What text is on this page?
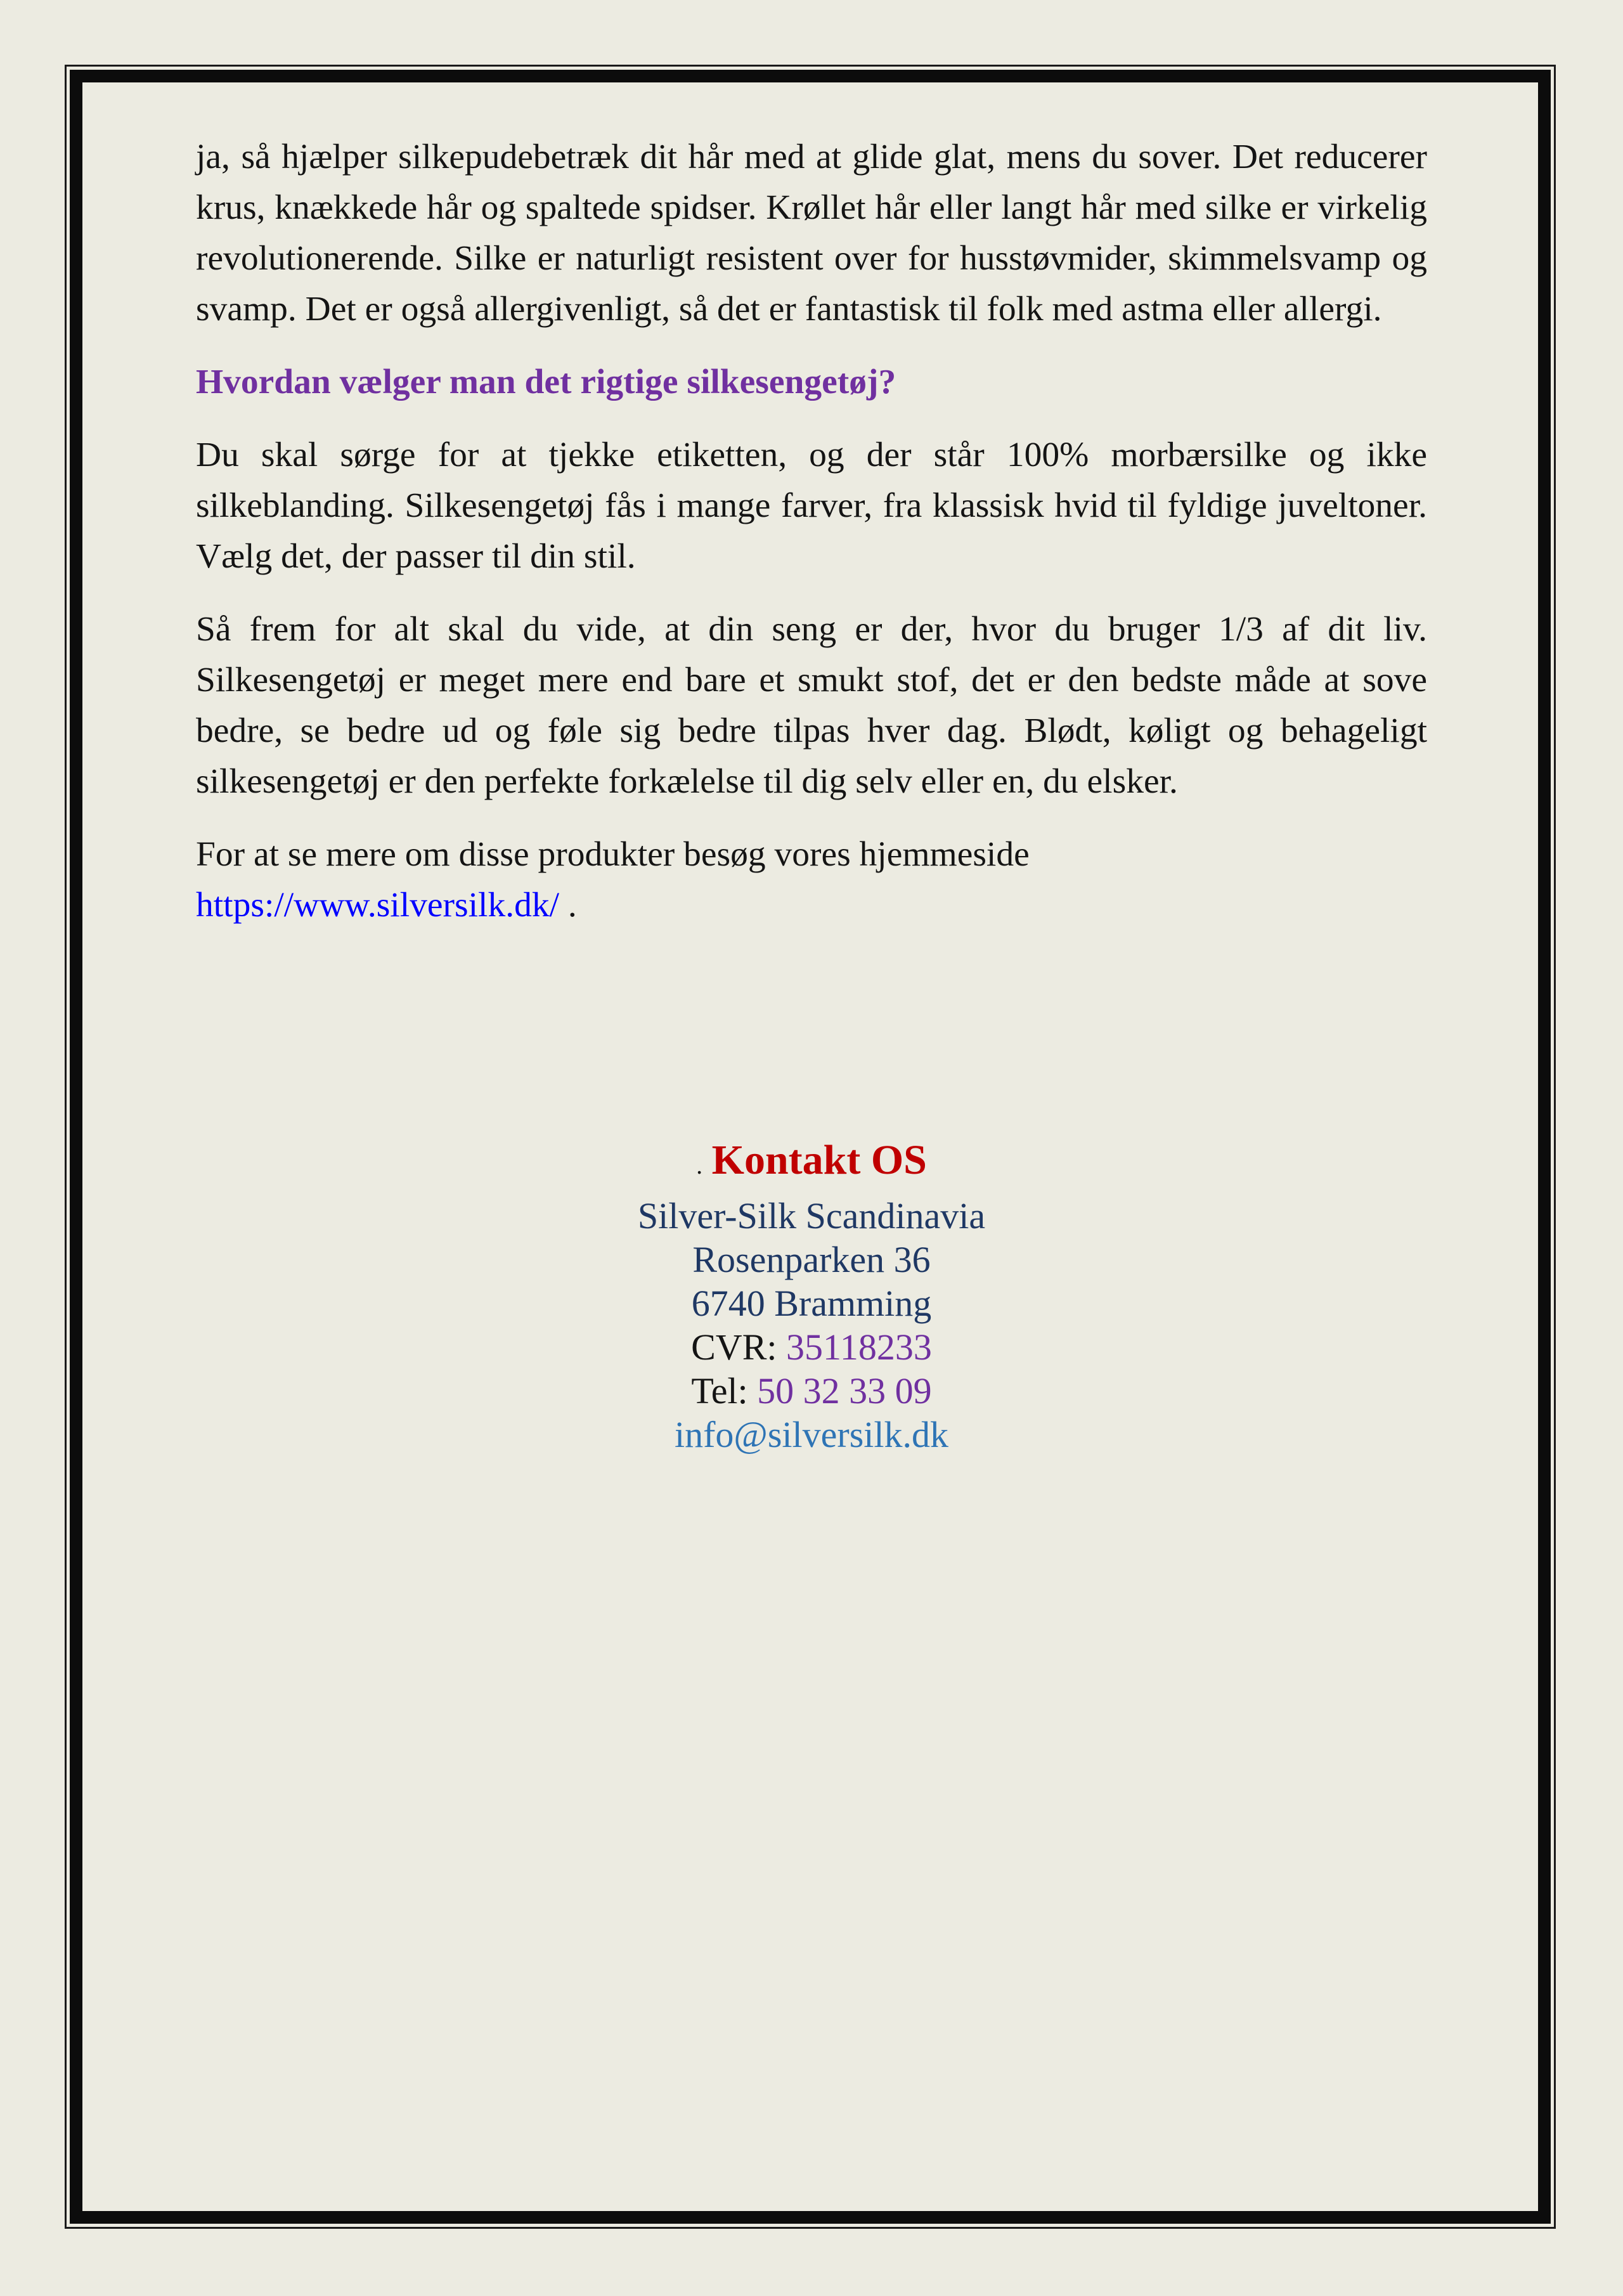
ja, så hjælper silkepudebetræk dit hår med at glide glat, mens du sover. Det reducerer krus, knækkede hår og spaltede spidser. Krøllet hår eller langt hår med silke er virkelig revolutionerende. Silke er naturligt resistent over for husstøvmider, skimmelsvamp og svamp. Det er også allergivenligt, så det er fantastisk til folk med astma eller allergi.

Hvordan vælger man det rigtige silkesengetøj?

Du skal sørge for at tjekke etiketten, og der står 100% morbærsilke og ikke silkeblanding. Silkesengetøj fås i mange farver, fra klassisk hvid til fyldige juveltoner. Vælg det, der passer til din stil.

Så frem for alt skal du vide, at din seng er der, hvor du bruger 1/3 af dit liv. Silkesengetøj er meget mere end bare et smukt stof, det er den bedste måde at sove bedre, se bedre ud og føle sig bedre tilpas hver dag. Blødt, køligt og behageligt silkesengetøj er den perfekte forkælelse til dig selv eller en, du elsker.

For at se mere om disse produkter besøg vores hjemmeside
https://www.silversilk.dk/ .

. Kontakt OS
Silver-Silk Scandinavia
Rosenparken 36
6740 Bramming
CVR: 35118233
Tel: 50 32 33 09
info@silversilk.dk
